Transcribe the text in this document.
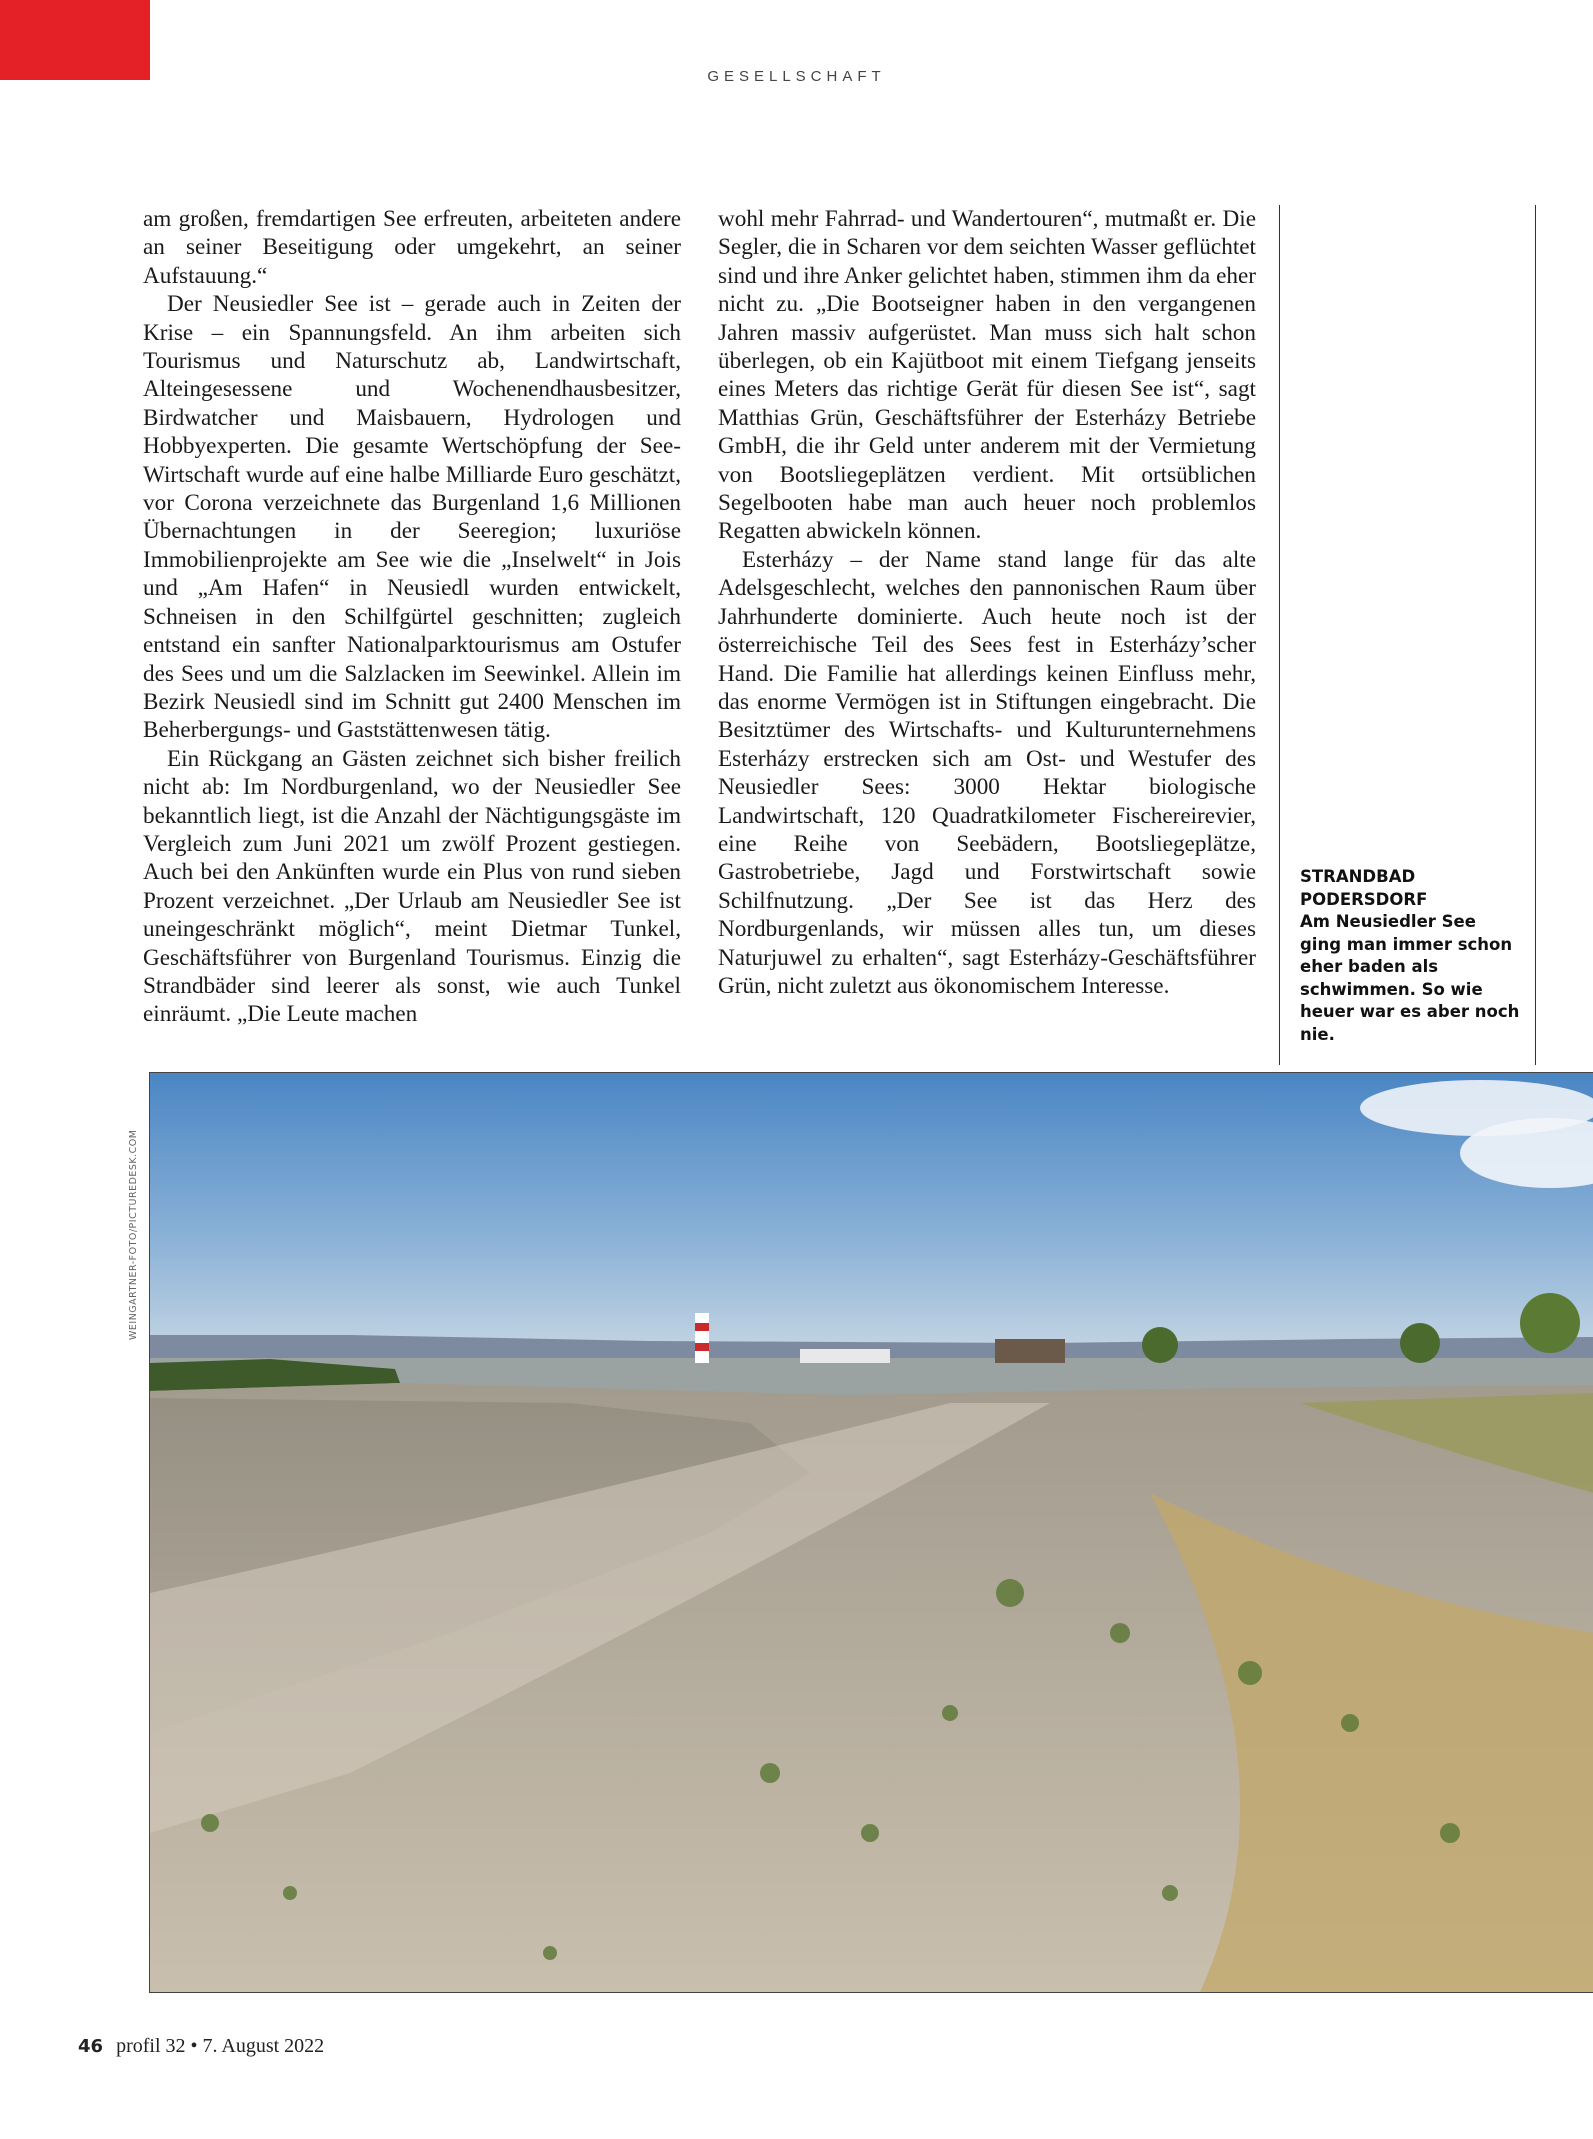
GESELLSCHAFT

am großen, fremdartigen See erfreuten, arbeiteten andere an seiner Beseitigung oder umgekehrt, an seiner Aufstauung.“

Der Neusiedler See ist – gerade auch in Zeiten der Krise – ein Spannungsfeld. An ihm arbeiten sich Tourismus und Naturschutz ab, Landwirtschaft, Alteingesessene und Wochenendhausbesitzer, Birdwatcher und Maisbauern, Hydrologen und Hobbyexperten. Die gesamte Wertschöpfung der See-Wirtschaft wurde auf eine halbe Milliarde Euro geschätzt, vor Corona verzeichnete das Burgenland 1,6 Millionen Übernachtungen in der Seeregion; luxuriöse Immobilienprojekte am See wie die „Inselwelt“ in Jois und „Am Hafen“ in Neusiedl wurden entwickelt, Schneisen in den Schilfgürtel geschnitten; zugleich entstand ein sanfter Nationalparktourismus am Ostufer des Sees und um die Salzlacken im Seewinkel. Allein im Bezirk Neusiedl sind im Schnitt gut 2400 Menschen im Beherbergungs- und Gaststättenwesen tätig.

Ein Rückgang an Gästen zeichnet sich bisher freilich nicht ab: Im Nordburgenland, wo der Neusiedler See bekanntlich liegt, ist die Anzahl der Nächtigungsgäste im Vergleich zum Juni 2021 um zwölf Prozent gestiegen. Auch bei den Ankünften wurde ein Plus von rund sieben Prozent verzeichnet. „Der Urlaub am Neusiedler See ist uneingeschränkt möglich“, meint Dietmar Tunkel, Geschäftsführer von Burgenland Tourismus. Einzig die Strandbäder sind leerer als sonst, wie auch Tunkel einräumt. „Die Leute machen

wohl mehr Fahrrad- und Wandertouren“, mutmaßt er. Die Segler, die in Scharen vor dem seichten Wasser geflüchtet sind und ihre Anker gelichtet haben, stimmen ihm da eher nicht zu. „Die Bootseigner haben in den vergangenen Jahren massiv aufgerüstet. Man muss sich halt schon überlegen, ob ein Kajütboot mit einem Tiefgang jenseits eines Meters das richtige Gerät für diesen See ist“, sagt Matthias Grün, Geschäftsführer der Esterházy Betriebe GmbH, die ihr Geld unter anderem mit der Vermietung von Bootsliegeplätzen verdient. Mit ortsüblichen Segelbooten habe man auch heuer noch problemlos Regatten abwickeln können.

Esterházy – der Name stand lange für das alte Adelsgeschlecht, welches den pannonischen Raum über Jahrhunderte dominierte. Auch heute noch ist der österreichische Teil des Sees fest in Esterházy’scher Hand. Die Familie hat allerdings keinen Einfluss mehr, das enorme Vermögen ist in Stiftungen eingebracht. Die Besitztümer des Wirtschafts- und Kulturunternehmens Esterházy erstrecken sich am Ost- und Westufer des Neusiedler Sees: 3000 Hektar biologische Landwirtschaft, 120 Quadratkilometer Fischereirevier, eine Reihe von Seebädern, Bootsliegeplätze, Gastrobetriebe, Jagd und Forstwirtschaft sowie Schilfnutzung. „Der See ist das Herz des Nordburgenlands, wir müssen alles tun, um dieses Naturjuwel zu erhalten“, sagt Esterházy-Geschäftsführer Grün, nicht zuletzt aus ökonomischem Interesse.

STRANDBAD
PODERSDORF
Am Neusiedler See ging man immer schon eher baden als schwimmen. So wie heuer war es aber noch nie.
WEINGARTNER-FOTO/PICTUREDESK.COM
46 profil 32 • 7. August 2022
